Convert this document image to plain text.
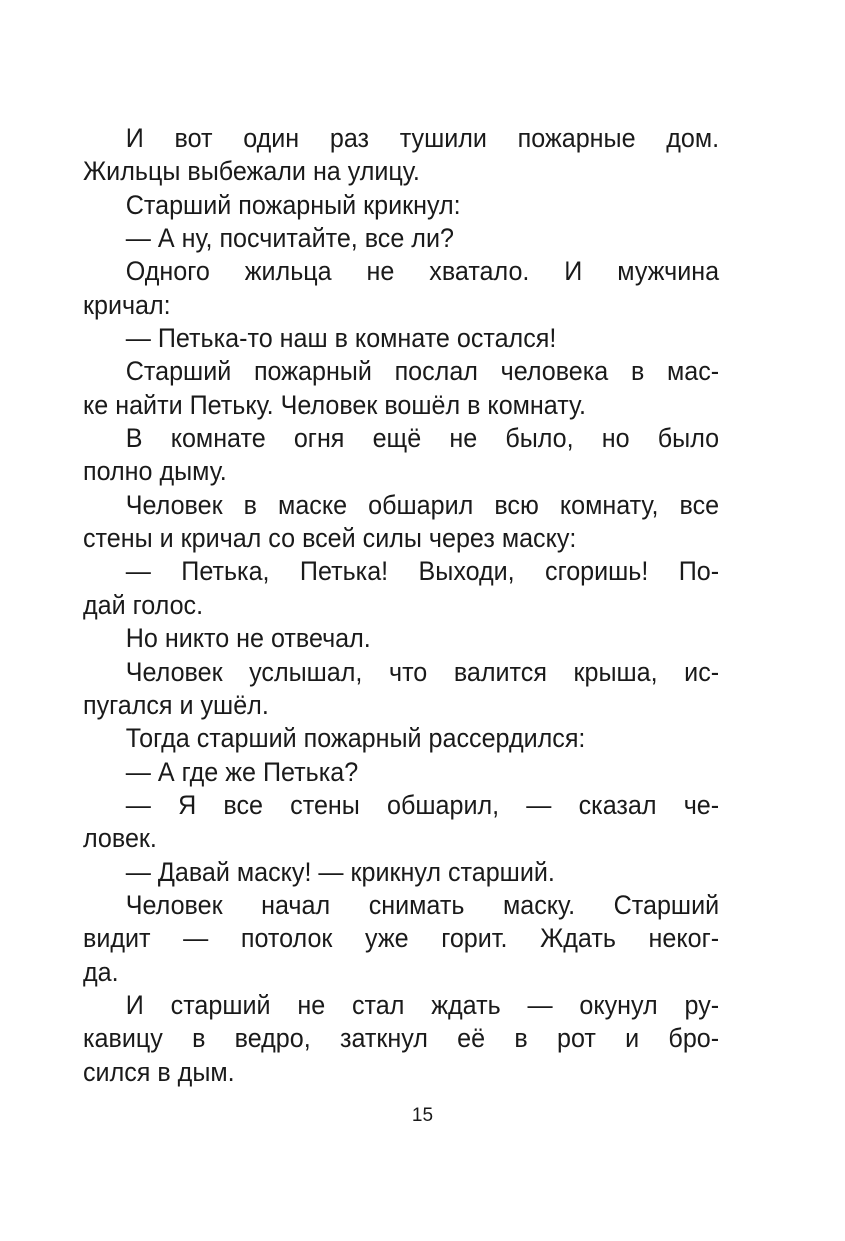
И вот один раз тушили пожарные дом.
Жильцы выбежали на улицу.
Старший пожарный крикнул:
— А ну, посчитайте, все ли?
Одного жильца не хватало. И мужчина
кричал:
— Петька-то наш в комнате остался!
Старший пожарный послал человека в мас-
ке найти Петьку. Человек вошёл в комнату.
В комнате огня ещё не было, но было
полно дыму.
Человек в маске обшарил всю комнату, все
стены и кричал со всей силы через маску:
— Петька, Петька! Выходи, сгоришь! По-
дай голос.
Но никто не отвечал.
Человек услышал, что валится крыша, ис-
пугался и ушёл.
Тогда старший пожарный рассердился:
— А где же Петька?
— Я все стены обшарил, — сказал че-
ловек.
— Давай маску! — крикнул старший.
Человек начал снимать маску. Старший
видит — потолок уже горит. Ждать неког-
да.
И старший не стал ждать — окунул ру-
кавицу в ведро, заткнул её в рот и бро-
сился в дым.
15
